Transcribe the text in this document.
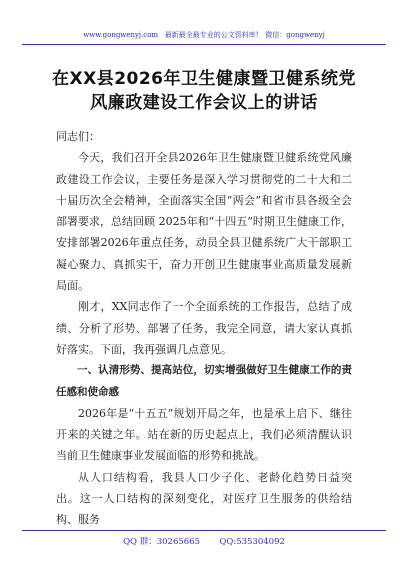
www.gongwenyj.com 最新最全最专业的公文资料库! 微信：gongwenyj
在XX县2026年卫生健康暨卫健系统党
风廉政建设工作会议上的讲话

同志们：

今天，我们召开全县2026年卫生健康暨卫健系统党风廉政建设工作会议，主要任务是深入学习贯彻党的二十大和二十届历次全会精神，全面落实全国“两会”和省市县各级全会部署要求，总结回顾 2025年和“十四五”时期卫生健康工作，安排部署2026年重点任务，动员全县卫健系统广大干部职工凝心聚力、真抓实干，奋力开创卫生健康事业高质量发展新局面。

刚才，XX同志作了一个全面系统的工作报告，总结了成绩、分析了形势、部署了任务，我完全同意，请大家认真抓好落实。下面，我再强调几点意见。

一、认清形势、提高站位，切实增强做好卫生健康工作的责任感和使命感

2026年是“十五五”规划开局之年，也是承上启下、继往开来的关键之年。站在新的历史起点上，我们必须清醒认识当前卫生健康事业发展面临的形势和挑战。

从人口结构看，我县人口少子化、老龄化趋势日益突出。这一人口结构的深刻变化，对医疗卫生服务的供给结构、服务

QQ 群：30265665 QQ:535304092
